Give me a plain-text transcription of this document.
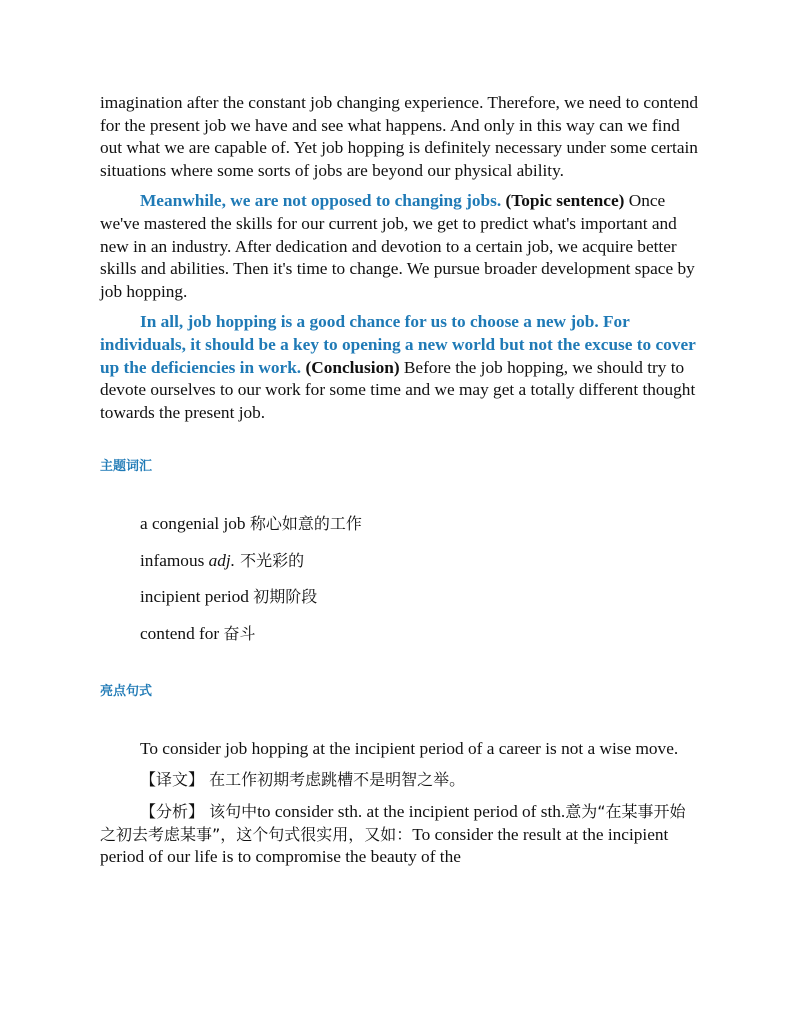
imagination after the constant job changing experience. Therefore, we need to contend for the present job we have and see what happens. And only in this way can we find out what we are capable of. Yet job hopping is definitely necessary under some certain situations where some sorts of jobs are beyond our physical ability.

Meanwhile, we are not opposed to changing jobs. (Topic sentence) Once we've mastered the skills for our current job, we get to predict what's important and new in an industry. After dedication and devotion to a certain job, we acquire better skills and abilities. Then it's time to change. We pursue broader development space by job hopping.

In all, job hopping is a good chance for us to choose a new job. For individuals, it should be a key to opening a new world but not the excuse to cover up the deficiencies in work. (Conclusion) Before the job hopping, we should try to devote ourselves to our work for some time and we may get a totally different thought towards the present job.

主题词汇

a congenial job 称心如意的工作

infamous adj. 不光彩的

incipient period 初期阶段

contend for 奋斗

亮点句式

To consider job hopping at the incipient period of a career is not a wise move.

【译文】 在工作初期考虑跳槽不是明智之举。

【分析】 该句中to consider sth. at the incipient period of sth.意为“在某事开始之初去考虑某事”，这个句式很实用，又如：To consider the result at the incipient period of our life is to compromise the beauty of the
